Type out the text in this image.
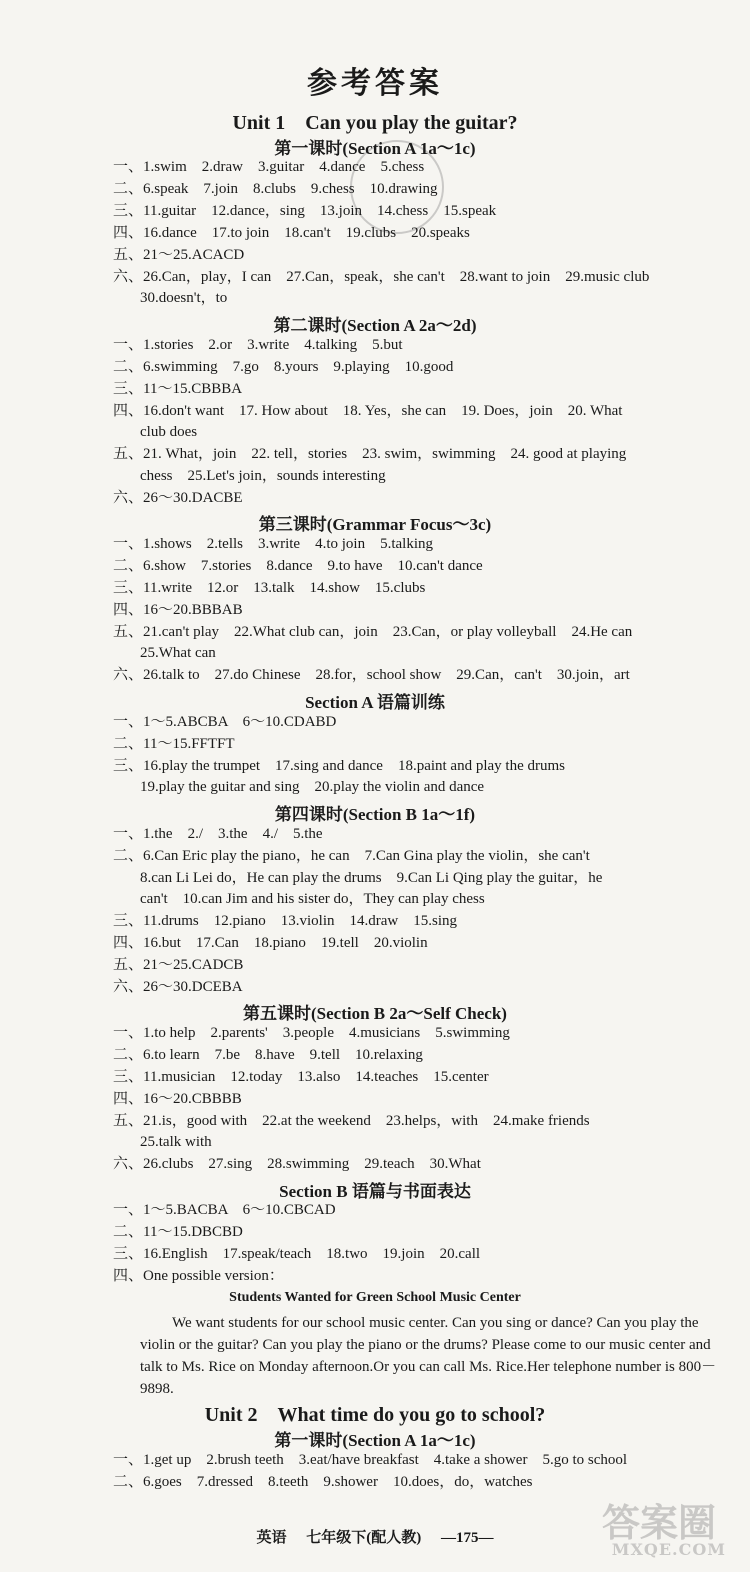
参考答案
Unit 1　Can you play the guitar?
第一课时(Section A 1a～1c)
一、1.swim　2.draw　3.guitar　4.dance　5.chess
二、6.speak　7.join　8.clubs　9.chess　10.drawing
三、11.guitar　12.dance，sing　13.join　14.chess　15.speak
四、16.dance　17.to join　18.can't　19.clubs　20.speaks
五、21～25.ACACD
六、26.Can，play，I can　27.Can，speak，she can't　28.want to join　29.music club
30.doesn't，to
第二课时(Section A 2a～2d)
一、1.stories　2.or　3.write　4.talking　5.but
二、6.swimming　7.go　8.yours　9.playing　10.good
三、11～15.CBBBA
四、16.don't want　17. How about　18. Yes，she can　19. Does，join　20. What
club does
五、21. What，join　22. tell，stories　23. swim，swimming　24. good at playing
chess　25.Let's join，sounds interesting
六、26～30.DACBE
第三课时(Grammar Focus～3c)
一、1.shows　2.tells　3.write　4.to join　5.talking
二、6.show　7.stories　8.dance　9.to have　10.can't dance
三、11.write　12.or　13.talk　14.show　15.clubs
四、16～20.BBBAB
五、21.can't play　22.What club can，join　23.Can，or play volleyball　24.He can
25.What can
六、26.talk to　27.do Chinese　28.for，school show　29.Can，can't　30.join，art
Section A 语篇训练
一、1～5.ABCBA　6～10.CDABD
二、11～15.FFTFT
三、16.play the trumpet　17.sing and dance　18.paint and play the drums
19.play the guitar and sing　20.play the violin and dance
第四课时(Section B 1a～1f)
一、1.the　2./　3.the　4./　5.the
二、6.Can Eric play the piano，he can　7.Can Gina play the violin，she can't
8.can Li Lei do，He can play the drums　9.Can Li Qing play the guitar，he
can't　10.can Jim and his sister do，They can play chess
三、11.drums　12.piano　13.violin　14.draw　15.sing
四、16.but　17.Can　18.piano　19.tell　20.violin
五、21～25.CADCB
六、26～30.DCEBA
第五课时(Section B 2a～Self Check)
一、1.to help　2.parents'　3.people　4.musicians　5.swimming
二、6.to learn　7.be　8.have　9.tell　10.relaxing
三、11.musician　12.today　13.also　14.teaches　15.center
四、16～20.CBBBB
五、21.is，good with　22.at the weekend　23.helps，with　24.make friends
25.talk with
六、26.clubs　27.sing　28.swimming　29.teach　30.What
Section B 语篇与书面表达
一、1～5.BACBA　6～10.CBCAD
二、11～15.DBCBD
三、16.English　17.speak/teach　18.two　19.join　20.call
四、One possible version：
Students Wanted for Green School Music Center

We want students for our school music center. Can you sing or dance? Can you play the violin or the guitar? Can you play the piano or the drums? Please come to our music center and talk to Ms. Rice on Monday afternoon.Or you can call Ms. Rice.Her telephone number is 800－9898.

Unit 2　What time do you go to school?
第一课时(Section A 1a～1c)
一、1.get up　2.brush teeth　3.eat/have breakfast　4.take a shower　5.go to school
二、6.goes　7.dressed　8.teeth　9.shower　10.does，do，watches
英语 七年级下(配人教) —175—	答案圈
MXQE.COM
